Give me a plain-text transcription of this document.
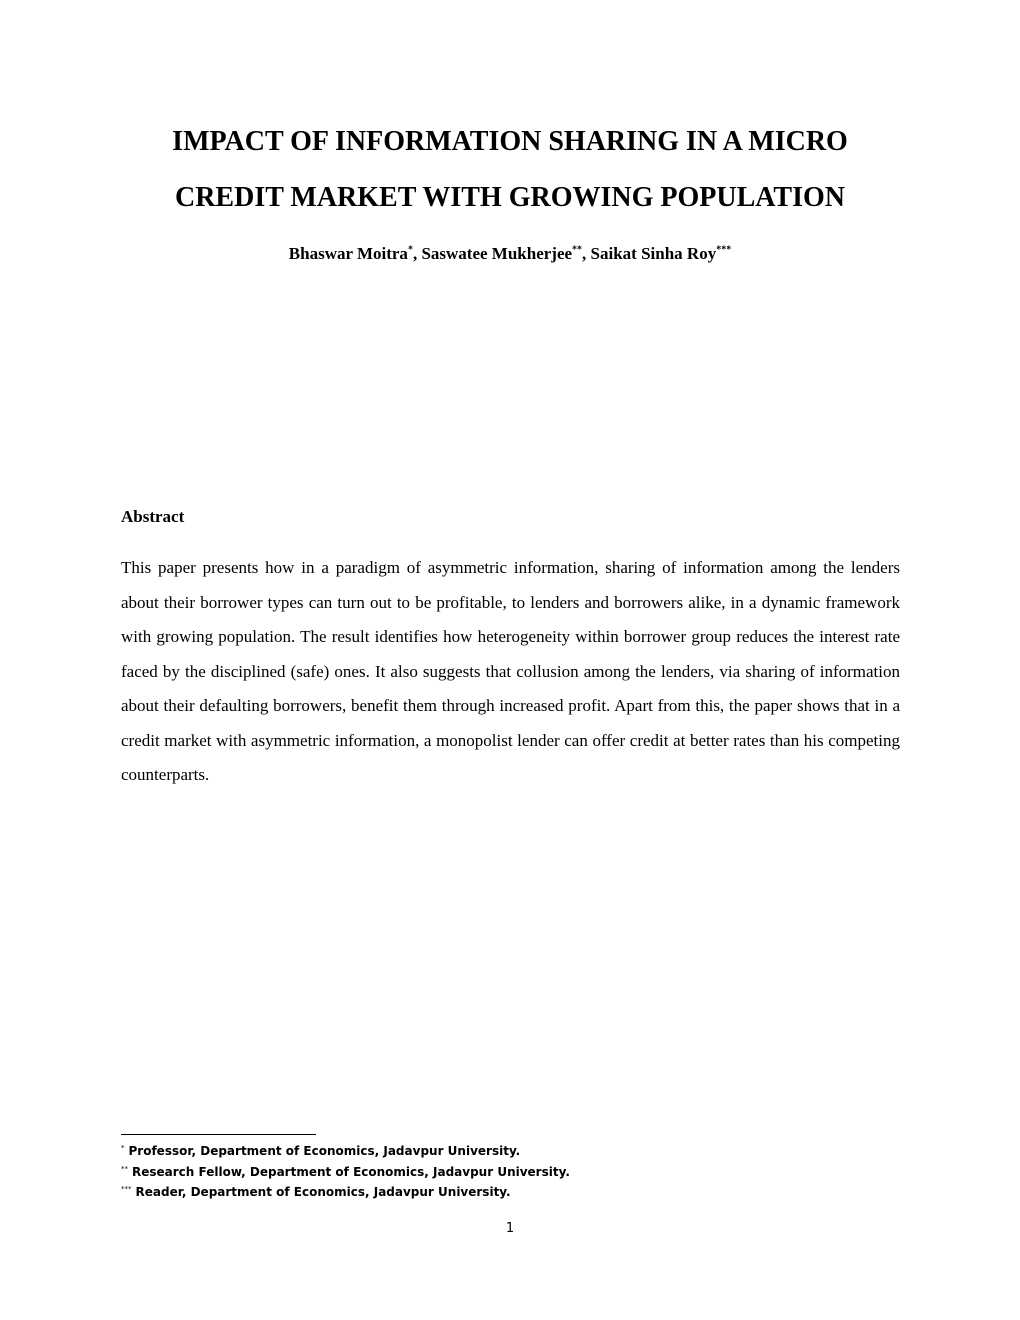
IMPACT OF INFORMATION SHARING IN A MICRO
CREDIT MARKET WITH GROWING POPULATION
Bhaswar Moitra*, Saswatee Mukherjee**, Saikat Sinha Roy***
Abstract

This paper presents how in a paradigm of asymmetric information, sharing of information among the lenders about their borrower types can turn out to be profitable, to lenders and borrowers alike, in a dynamic framework with growing population. The result identifies how heterogeneity within borrower group reduces the interest rate faced by the disciplined (safe) ones. It also suggests that collusion among the lenders, via sharing of information about their defaulting borrowers, benefit them through increased profit. Apart from this, the paper shows that in a credit market with asymmetric information, a monopolist lender can offer credit at better rates than his competing counterparts.

* Professor, Department of Economics, Jadavpur University.
** Research Fellow, Department of Economics, Jadavpur University.
*** Reader, Department of Economics, Jadavpur University.
1
